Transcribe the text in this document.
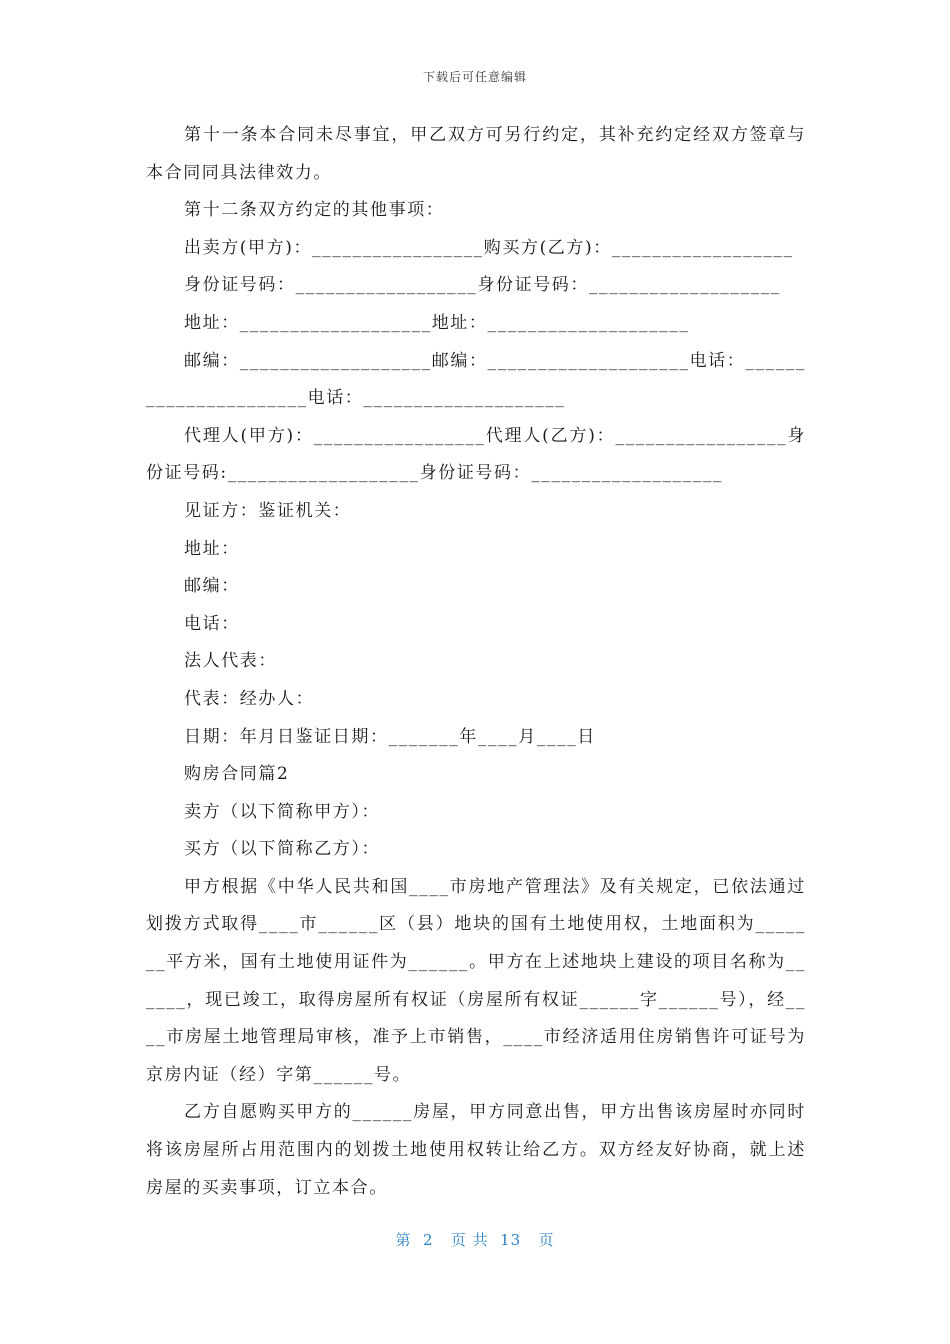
下载后可任意编辑

第十一条本合同未尽事宜，甲乙双方可另行约定，其补充约定经双方签章与本合同同具法律效力。

第十二条双方约定的其他事项：

出卖方(甲方)：_________________购买方(乙方)：__________________

身份证号码：__________________身份证号码：___________________

地址：___________________地址：____________________

邮编：___________________邮编：____________________电话：______________________电话：____________________

代理人(甲方)：_________________代理人(乙方)：_________________身份证号码:___________________身份证号码：___________________

见证方：鉴证机关：

地址：

邮编：

电话：

法人代表：

代表：经办人：

日期：年月日鉴证日期：_______年____月____日

购房合同篇2

卖方（以下简称甲方）：

买方（以下简称乙方）：

甲方根据《中华人民共和国____市房地产管理法》及有关规定，已依法通过划拨方式取得____市______区（县）地块的国有土地使用权，土地面积为_______平方米，国有土地使用证件为______。甲方在上述地块上建设的项目名称为______，现已竣工，取得房屋所有权证（房屋所有权证______字______号），经____市房屋土地管理局审核，准予上市销售，____市经济适用住房销售许可证号为京房内证（经）字第______号。

乙方自愿购买甲方的______房屋，甲方同意出售，甲方出售该房屋时亦同时将该房屋所占用范围内的划拨土地使用权转让给乙方。双方经友好协商，就上述房屋的买卖事项，订立本合。

第  2   页 共  13   页
